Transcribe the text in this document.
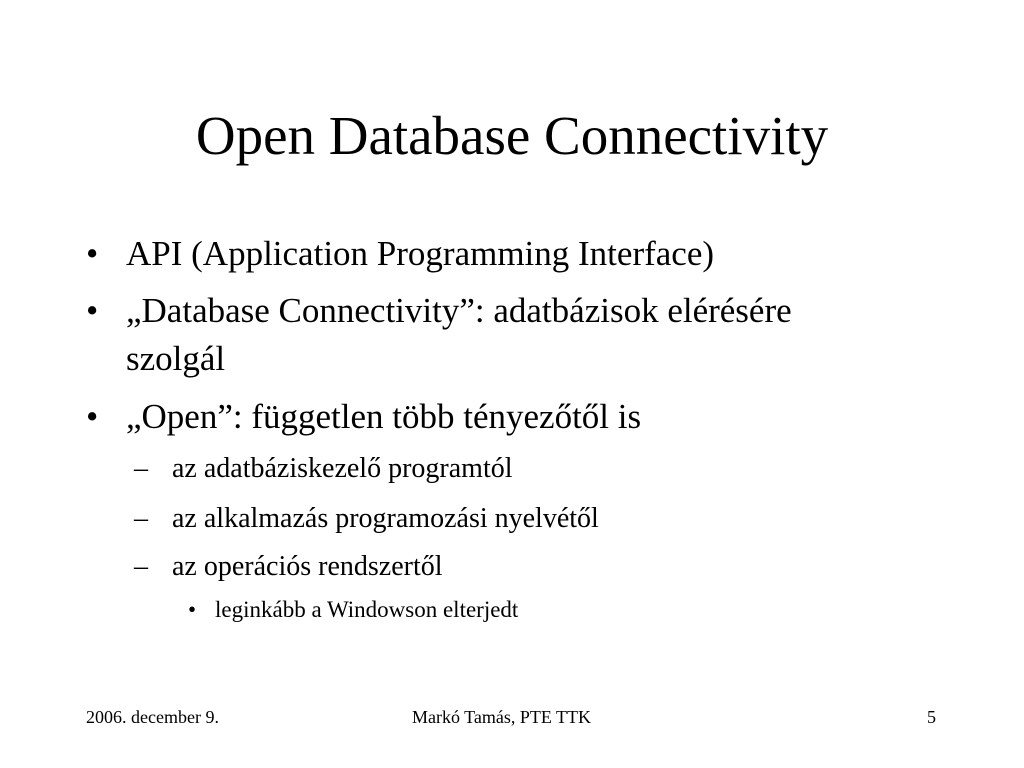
Open Database Connectivity
• API (Application Programming Interface)
• „Database Connectivity”: adatbázisok elérésére
szolgál
• „Open”: független több tényezőtől is
– az adatbáziskezelő programtól
– az alkalmazás programozási nyelvétől
– az operációs rendszertől
• leginkább a Windowson elterjedt
2006. december 9.	Markó Tamás, PTE TTK	5
